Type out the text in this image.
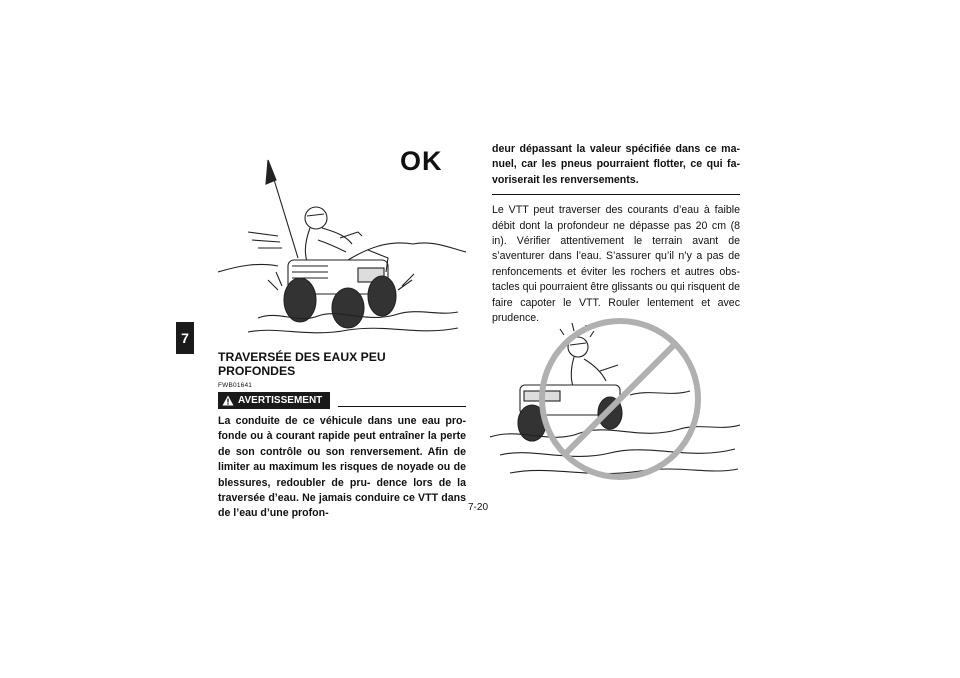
7
OK
TRAVERSÉE DES EAUX PEU PROFONDES
FWB01641
AVERTISSEMENT
La conduite de ce véhicule dans une eau pro- fonde ou à courant rapide peut entraîner la perte de son contrôle ou son renversement. Afin de limiter au maximum les risques de noyade ou de blessures, redoubler de pru- dence lors de la traversée d’eau. Ne jamais conduire ce VTT dans de l’eau d’une profon-
deur dépassant la valeur spécifiée dans ce ma- nuel, car les pneus pourraient flotter, ce qui fa- voriserait les renversements.
Le VTT peut traverser des courants d’eau à faible débit dont la profondeur ne dépasse pas 20 cm (8 in). Vérifier attentivement le terrain avant de s’aventurer dans l’eau. S’assurer qu’il n’y a pas de renfoncements et éviter les rochers et autres obs- tacles qui pourraient être glissants ou qui risquent de faire capoter le VTT. Rouler lentement et avec prudence.
7-20
